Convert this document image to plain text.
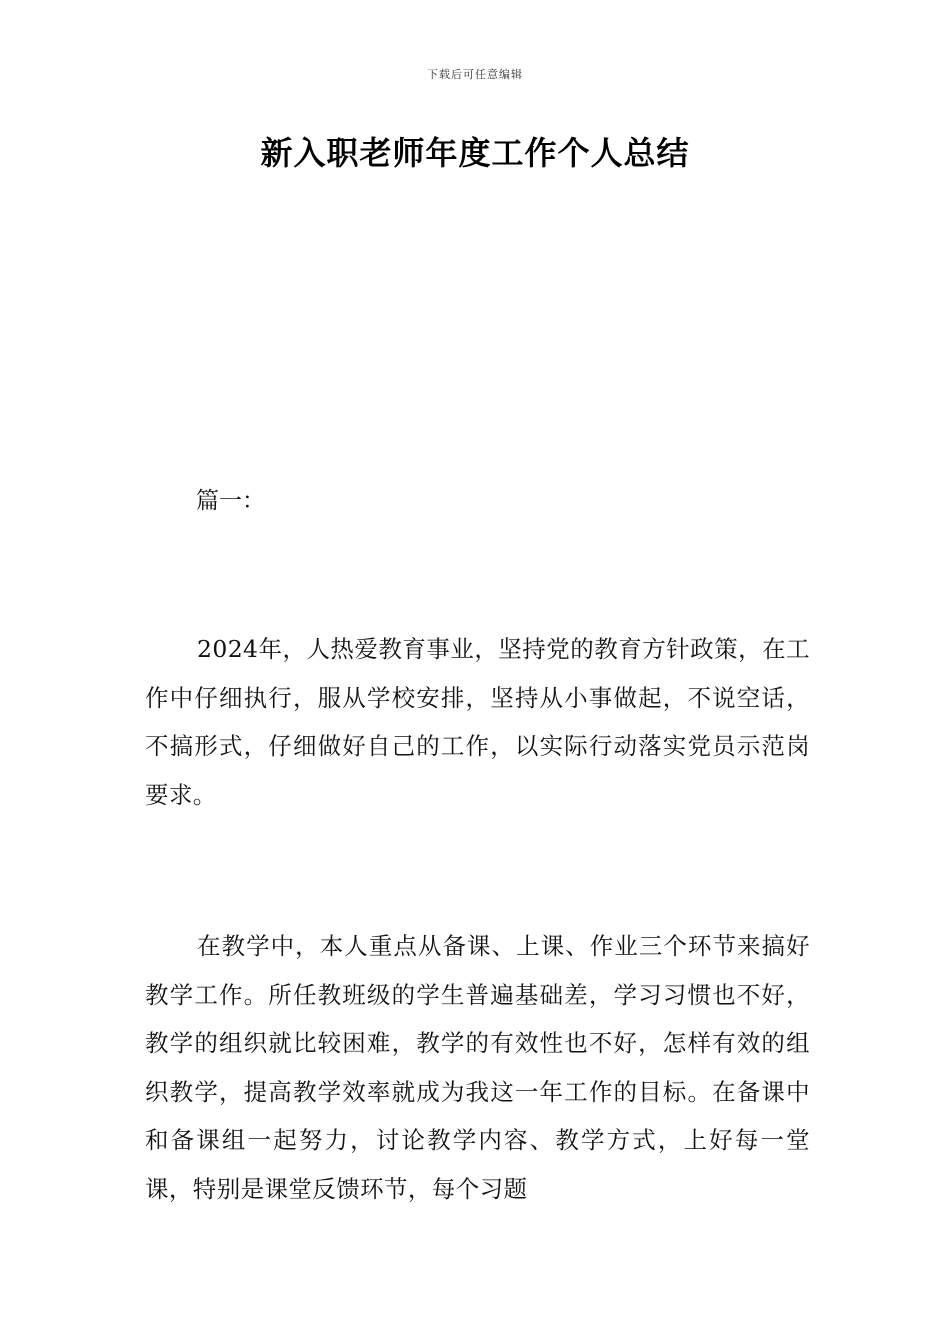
下载后可任意编辑
新入职老师年度工作个人总结
篇一：

2024年，人热爱教育事业，坚持党的教育方针政策，在工作中仔细执行，服从学校安排，坚持从小事做起，不说空话，不搞形式，仔细做好自己的工作，以实际行动落实党员示范岗要求。

在教学中，本人重点从备课、上课、作业三个环节来搞好教学工作。所任教班级的学生普遍基础差，学习习惯也不好，教学的组织就比较困难，教学的有效性也不好，怎样有效的组织教学，提高教学效率就成为我这一年工作的目标。在备课中和备课组一起努力，讨论教学内容、教学方式，上好每一堂课，特别是课堂反馈环节，每个习题
